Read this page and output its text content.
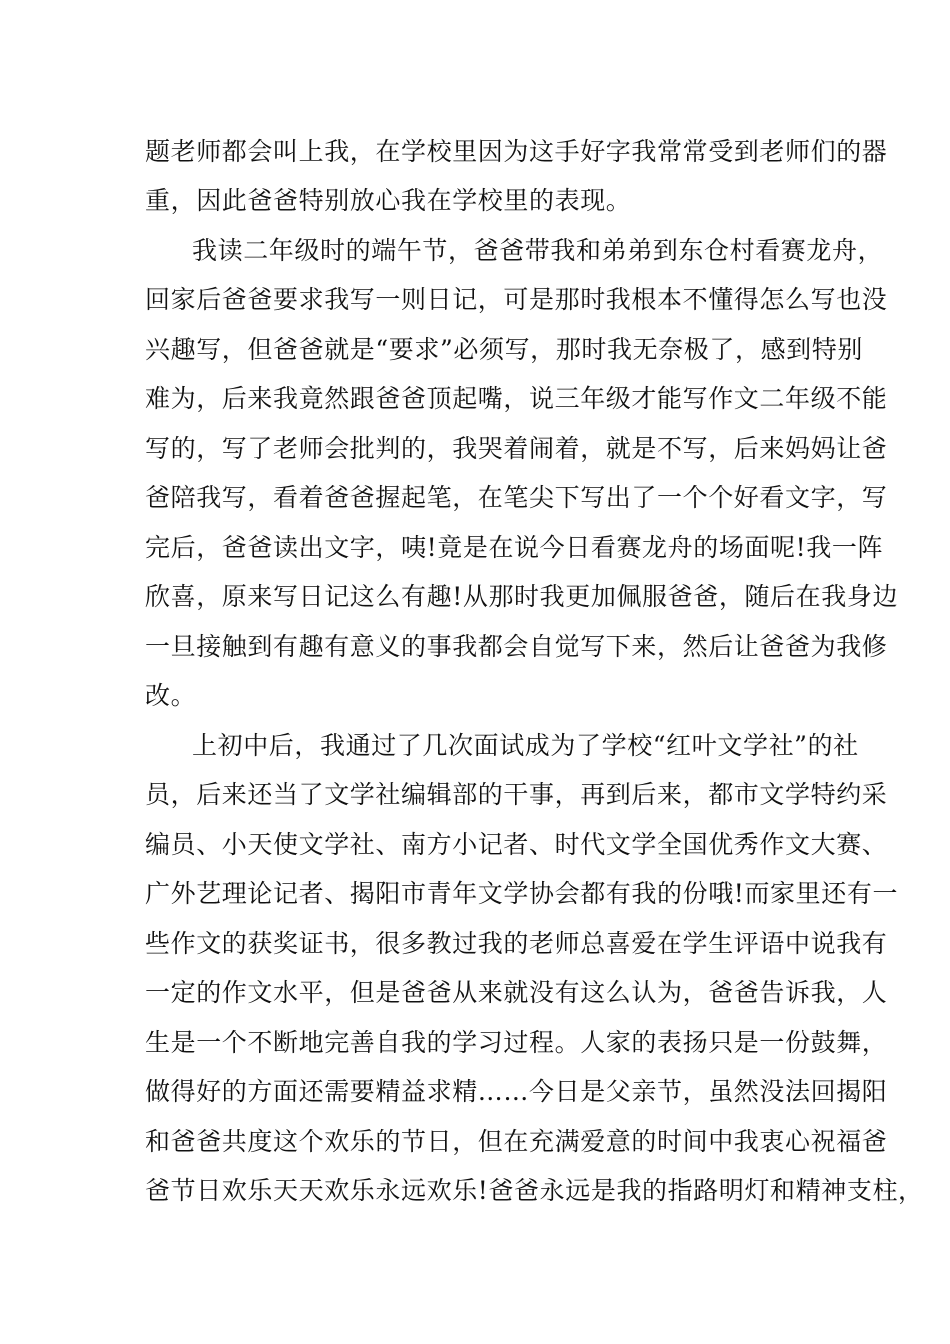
题老师都会叫上我，在学校里因为这手好字我常常受到老师们的器
重，因此爸爸特别放心我在学校里的表现。
我读二年级时的端午节，爸爸带我和弟弟到东仓村看赛龙舟，
回家后爸爸要求我写一则日记，可是那时我根本不懂得怎么写也没
兴趣写，但爸爸就是“要求”必须写，那时我无奈极了，感到特别
难为，后来我竟然跟爸爸顶起嘴，说三年级才能写作文二年级不能
写的，写了老师会批判的，我哭着闹着，就是不写，后来妈妈让爸
爸陪我写，看着爸爸握起笔，在笔尖下写出了一个个好看文字，写
完后，爸爸读出文字，咦!竟是在说今日看赛龙舟的场面呢!我一阵
欣喜，原来写日记这么有趣!从那时我更加佩服爸爸，随后在我身边
一旦接触到有趣有意义的事我都会自觉写下来，然后让爸爸为我修
改。
上初中后，我通过了几次面试成为了学校“红叶文学社”的社
员，后来还当了文学社编辑部的干事，再到后来，都市文学特约采
编员、小天使文学社、南方小记者、时代文学全国优秀作文大赛、
广外艺理论记者、揭阳市青年文学协会都有我的份哦!而家里还有一
些作文的获奖证书，很多教过我的老师总喜爱在学生评语中说我有
一定的作文水平，但是爸爸从来就没有这么认为，爸爸告诉我，人
生是一个不断地完善自我的学习过程。人家的表扬只是一份鼓舞，
做得好的方面还需要精益求精……今日是父亲节，虽然没法回揭阳
和爸爸共度这个欢乐的节日，但在充满爱意的时间中我衷心祝福爸
爸节日欢乐天天欢乐永远欢乐!爸爸永远是我的指路明灯和精神支柱，
